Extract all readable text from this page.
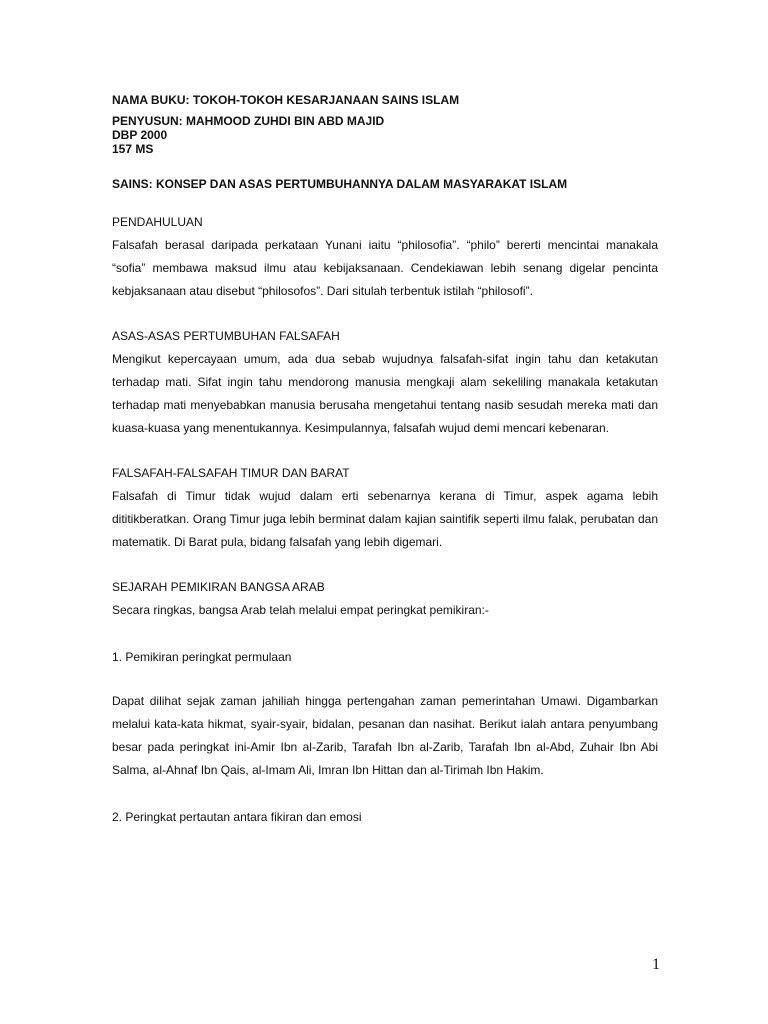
NAMA BUKU: TOKOH-TOKOH KESARJANAAN SAINS ISLAM

PENYUSUN: MAHMOOD ZUHDI BIN ABD MAJID

DBP 2000

157 MS

SAINS: KONSEP DAN ASAS PERTUMBUHANNYA DALAM MASYARAKAT ISLAM

PENDAHULUAN

Falsafah berasal daripada perkataan Yunani iaitu “philosofia”. “philo” bererti mencintai manakala “sofia” membawa maksud ilmu atau kebijaksanaan. Cendekiawan lebih senang digelar pencinta kebjaksanaan atau disebut “philosofos”. Dari situlah terbentuk istilah “philosofi”.

ASAS-ASAS PERTUMBUHAN FALSAFAH

Mengikut kepercayaan umum, ada dua sebab wujudnya falsafah-sifat ingin tahu dan ketakutan terhadap mati. Sifat ingin tahu mendorong manusia mengkaji alam sekeliling manakala ketakutan terhadap mati menyebabkan manusia berusaha mengetahui tentang nasib sesudah mereka mati dan kuasa-kuasa yang menentukannya. Kesimpulannya, falsafah wujud demi mencari kebenaran.

FALSAFAH-FALSAFAH TIMUR DAN BARAT

Falsafah di Timur tidak wujud dalam erti sebenarnya kerana di Timur, aspek agama lebih dititikberatkan. Orang Timur juga lebih berminat dalam kajian saintifik seperti ilmu falak, perubatan dan matematik. Di Barat pula, bidang falsafah yang lebih digemari.

SEJARAH PEMIKIRAN BANGSA ARAB

Secara ringkas, bangsa Arab telah melalui empat peringkat pemikiran:-

1. Pemikiran peringkat permulaan

Dapat dilihat sejak zaman jahiliah hingga pertengahan zaman pemerintahan Umawi. Digambarkan melalui kata-kata hikmat, syair-syair, bidalan, pesanan dan nasihat. Berikut ialah antara penyumbang besar pada peringkat ini-Amir Ibn al-Zarib, Tarafah Ibn al-Zarib, Tarafah Ibn al-Abd, Zuhair Ibn Abi Salma, al-Ahnaf Ibn Qais, al-Imam Ali, Imran Ibn Hittan dan al-Tirimah Ibn Hakim.

2. Peringkat pertautan antara fikiran dan emosi

1
